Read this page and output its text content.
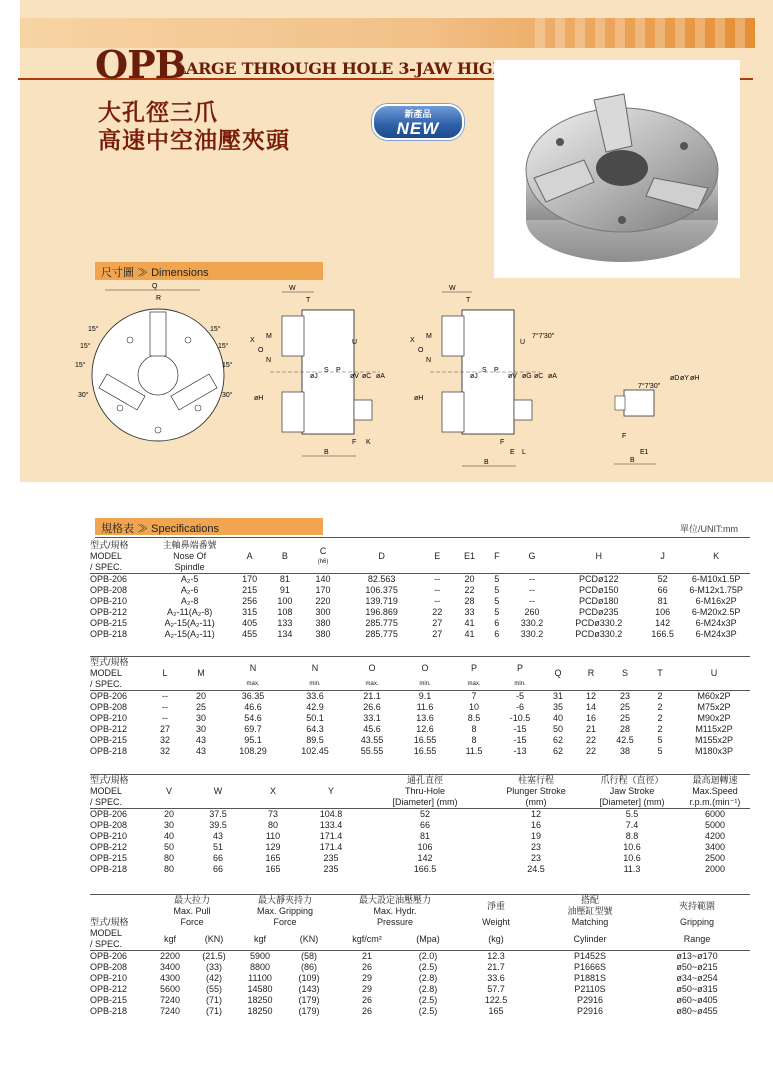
OPB
LARGE THROUGH HOLE 3-JAW HIGH SPEED POWER CHUCKS
大孔徑三爪
高速中空油壓夾頭
新產品
NEW
尺寸圖 ≫ Dimensions
Q
R
15°
15°
15°
30°
15°
15°
15°
30°
W
T
X
O
M
N
U
øJ
øH
S P
øV øC øA
F K
B
W
T
X
O
M
N
U
7°7'30"
øJ
øH
S P
øV øG øC øA
F
E L
B
7°7'30"
øD øY øH
F
E1
B
規格表 ≫ Specifications	單位/UNIT:mm
型式/規格	主軸鼻端番號	A	B	C
(h6)	D	E	E1	F	G	H	J	K
MODEL	Nose Of											
/ SPEC.	Spindle											
OPB-206	A₂-5	170	81	140	82.563	--	20	5	--	PCDø122	52	6-M10x1.5P
OPB-208	A₂-6	215	91	170	106.375	--	22	5	--	PCDø150	66	6-M12x1.75P
OPB-210	A₂-8	256	100	220	139.719	--	28	5	--	PCDø180	81	6-M16x2P
OPB-212	A₂-11(A₂-8)	315	108	300	196.869	22	33	5	260	PCDø235	106	6-M20x2.5P
OPB-215	A₂-15(A₂-11)	405	133	380	285.775	27	41	6	330.2	PCDø330.2	142	6-M24x3P
OPB-218	A₂-15(A₂-11)	455	134	380	285.775	27	41	6	330.2	PCDø330.2	166.5	6-M24x3P
型式/規格	L	M	N	N	O	O	P	P	Q	R	S	T	U
MODEL													
/ SPEC.			max.	min.	max.	min.	max.	min.					
OPB-206	--	20	36.35	33.6	21.1	9.1	7	-5	31	12	23	2	M60x2P
OPB-208	--	25	46.6	42.9	26.6	11.6	10	-6	35	14	25	2	M75x2P
OPB-210	--	30	54.6	50.1	33.1	13.6	8.5	-10.5	40	16	25	2	M90x2P
OPB-212	27	30	69.7	64.3	45.6	12.6	8	-15	50	21	28	2	M115x2P
OPB-215	32	43	95.1	89.5	43.55	16.55	8	-15	62	22	42.5	5	M155x2P
OPB-218	32	43	108.29	102.45	55.55	16.55	11.5	-13	62	22	38	5	M180x3P
型式/規格	V	W	X	Y	通孔直徑	柱塞行程	爪行程（直徑）	最高迴轉速
MODEL					Thru-Hole	Plunger Stroke	Jaw Stroke	Max.Speed
/ SPEC.					[Diameter] (mm)	(mm)	[Diameter] (mm)	r.p.m.(min⁻¹)
OPB-206	20	37.5	73	104.8	52	12	5.5	6000
OPB-208	30	39.5	80	133.4	66	16	7.4	5000
OPB-210	40	43	110	171.4	81	19	8.8	4200
OPB-212	50	51	129	171.4	106	23	10.6	3400
OPB-215	80	66	165	235	142	23	10.6	2500
OPB-218	80	66	165	235	166.5	24.5	11.3	2000
	最大拉力		最大靜夾持力		最大設定油壓壓力		淨重	搭配	夾持範圍
	Max. Pull		Max. Gripping		Max. Hydr.			油壓缸型號	
型式/規格	Force		Force		Pressure		Weight	Matching	Gripping
MODEL	kgf	(KN)	kgf	(KN)	kgf/cm²	(Mpa)	(kg)	Cylinder	Range
/ SPEC.									
OPB-206	2200	(21.5)	5900	(58)	21	(2.0)	12.3	P1452S	ø13~ø170
OPB-208	3400	(33)	8800	(86)	26	(2.5)	21.7	P1666S	ø50~ø215
OPB-210	4300	(42)	11100	(109)	29	(2.8)	33.6	P1881S	ø34~ø254
OPB-212	5600	(55)	14580	(143)	29	(2.8)	57.7	P2110S	ø50~ø315
OPB-215	7240	(71)	18250	(179)	26	(2.5)	122.5	P2916	ø60~ø405
OPB-218	7240	(71)	18250	(179)	26	(2.5)	165	P2916	ø80~ø455
